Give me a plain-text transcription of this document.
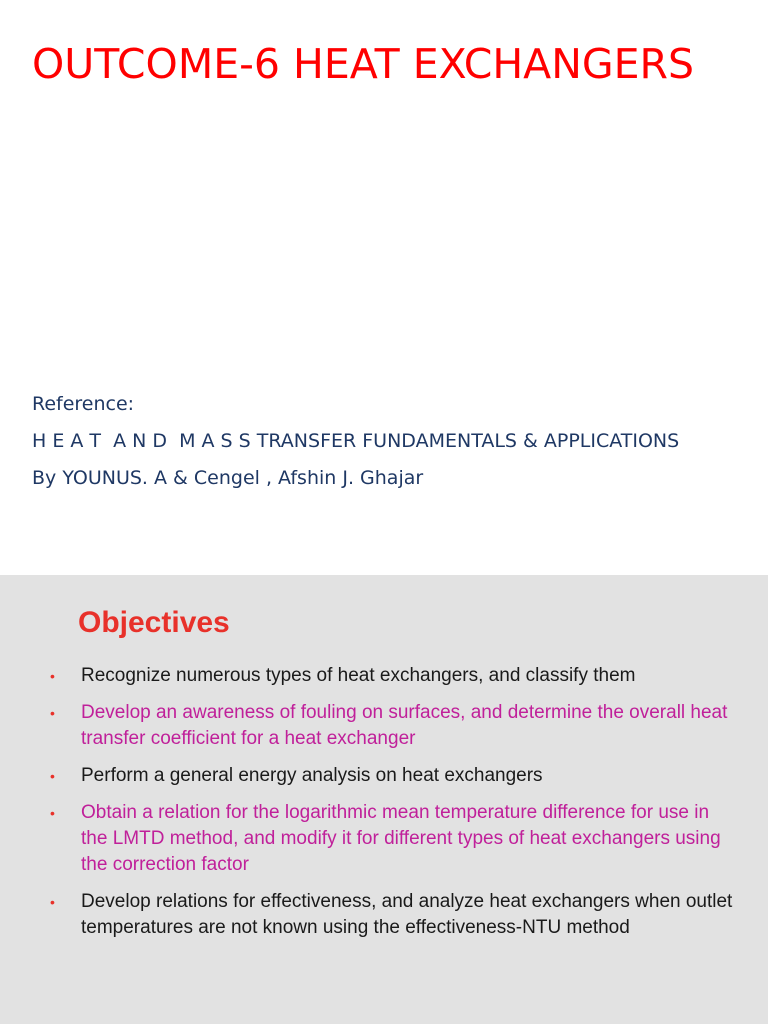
OUTCOME-6 HEAT EXCHANGERS
Reference:
H E A T  A N D  M A S S TRANSFER FUNDAMENTALS & APPLICATIONS
By YOUNUS. A & Cengel , Afshin J. Ghajar
Objectives
• Recognize numerous types of heat exchangers, and classify them
• Develop an awareness of fouling on surfaces, and determine the overall heat transfer coefficient for a heat exchanger
• Perform a general energy analysis on heat exchangers
• Obtain a relation for the logarithmic mean temperature difference for use in the LMTD method, and modify it for different types of heat exchangers using the correction factor
• Develop relations for effectiveness, and analyze heat exchangers when outlet temperatures are not known using the effectiveness-NTU method
